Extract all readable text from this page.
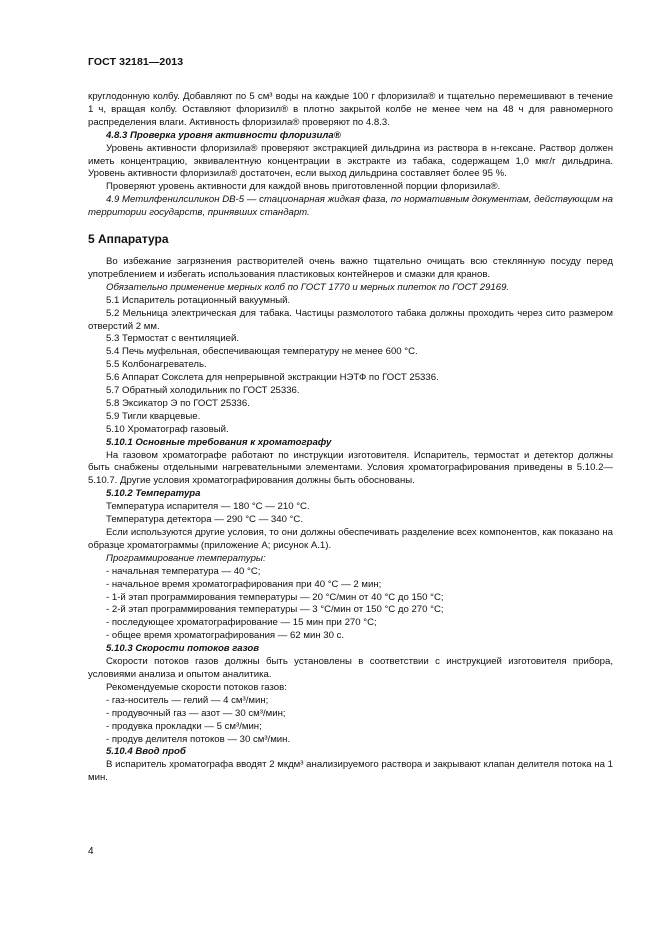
ГОСТ 32181—2013

круглодонную колбу. Добавляют по 5 см³ воды на каждые 100 г флоризила® и тщательно перемешивают в течение 1 ч, вращая колбу. Оставляют флоризил® в плотно закрытой колбе не менее чем на 48 ч для равномерного распределения влаги. Активность флоризила® проверяют по 4.8.3.

4.8.3 Проверка уровня активности флоризила®

Уровень активности флоризила® проверяют экстракцией дильдрина из раствора в н-гексане. Раствор должен иметь концентрацию, эквивалентную концентрации в экстракте из табака, содержащем 1,0 мкг/г дильдрина. Уровень активности флоризила® достаточен, если выход дильдрина составляет более 95 %.

Проверяют уровень активности для каждой вновь приготовленной порции флоризила®.

4.9 Метилфенилсиликон DB-5 — стационарная жидкая фаза, по нормативным документам, действующим на территории государств, принявших стандарт.

5 Аппаратура

Во избежание загрязнения растворителей очень важно тщательно очищать всю стеклянную посуду перед употреблением и избегать использования пластиковых контейнеров и смазки для кранов.

Обязательно применение мерных колб по ГОСТ 1770 и мерных пипеток по ГОСТ 29169.

5.1 Испаритель ротационный вакуумный.

5.2 Мельница электрическая для табака. Частицы размолотого табака должны проходить через сито размером отверстий 2 мм.

5.3 Термостат с вентиляцией.

5.4 Печь муфельная, обеспечивающая температуру не менее 600 °С.

5.5 Колбонагреватель.

5.6 Аппарат Сокслета для непрерывной экстракции НЭТФ по ГОСТ 25336.

5.7 Обратный холодильник по ГОСТ 25336.

5.8 Эксикатор Э по ГОСТ 25336.

5.9 Тигли кварцевые.

5.10 Хроматограф газовый.

5.10.1 Основные требования к хроматографу

На газовом хроматографе работают по инструкции изготовителя. Испаритель, термостат и детектор должны быть снабжены отдельными нагревательными элементами. Условия хроматографирования приведены в 5.10.2—5.10.7. Другие условия хроматографирования должны быть обоснованы.

5.10.2 Температура

Температура испарителя — 180 °С — 210 °С.

Температура детектора — 290 °С — 340 °С.

Если используются другие условия, то они должны обеспечивать разделение всех компонентов, как показано на образце хроматограммы (приложение А; рисунок А.1).

Программирование температуры:

- начальная температура — 40 °С;

- начальное время хроматографирования при 40 °С — 2 мин;

- 1-й этап программирования температуры — 20 °С/мин от 40 °С до 150 °С;

- 2-й этап программирования температуры — 3 °С/мин от 150 °С до 270 °С;

- последующее хроматографирование — 15 мин при 270 °С;

- общее время хроматографирования — 62 мин 30 с.

5.10.3 Скорости потоков газов

Скорости потоков газов должны быть установлены в соответствии с инструкцией изготовителя прибора, условиями анализа и опытом аналитика.

Рекомендуемые скорости потоков газов:

- газ-носитель — гелий — 4 см³/мин;

- продувочный газ — азот — 30 см³/мин;

- продувка прокладки — 5 см³/мин;

- продув делителя потоков — 30 см³/мин.

5.10.4 Ввод проб

В испаритель хроматографа вводят 2 мкдм³ анализируемого раствора и закрывают клапан делителя потока на 1 мин.

4
